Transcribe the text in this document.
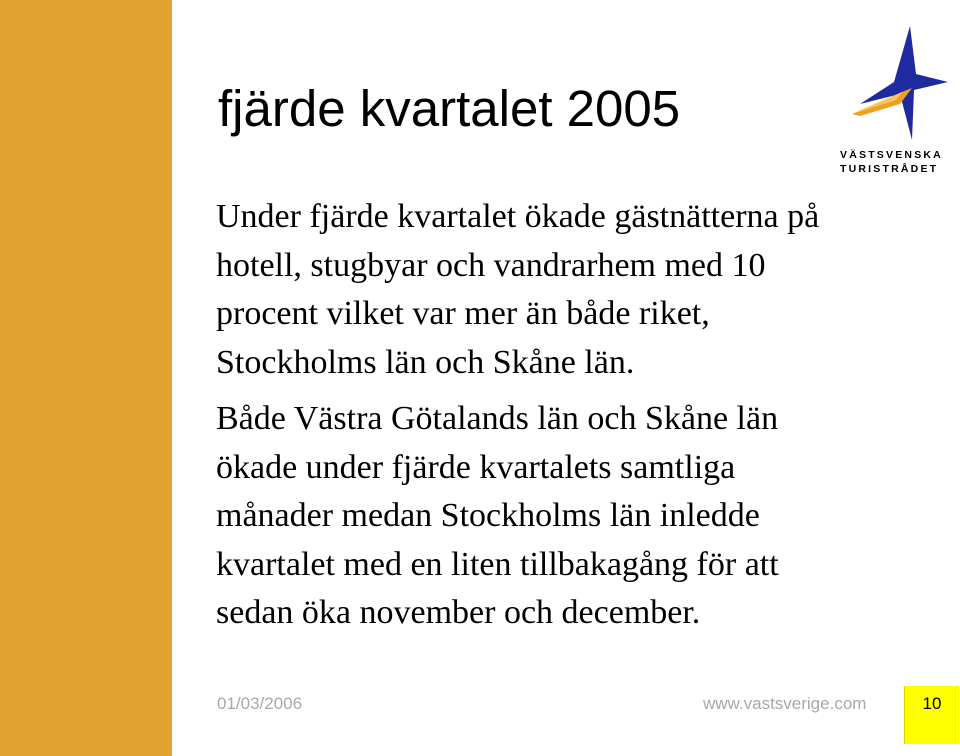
fjärde kvartalet 2005

Under fjärde kvartalet ökade gästnätterna på
hotell, stugbyar och vandrarhem med 10
procent vilket var mer än både riket,
Stockholms län och Skåne län.

Både Västra Götalands län och Skåne län
ökade under fjärde kvartalets samtliga
månader medan Stockholms län inledde
kvartalet med en liten tillbakagång för att
sedan öka november och december.

VÄSTSVENSKA
TURISTRÅDET
01/03/2006	www.vastsverige.com	10
